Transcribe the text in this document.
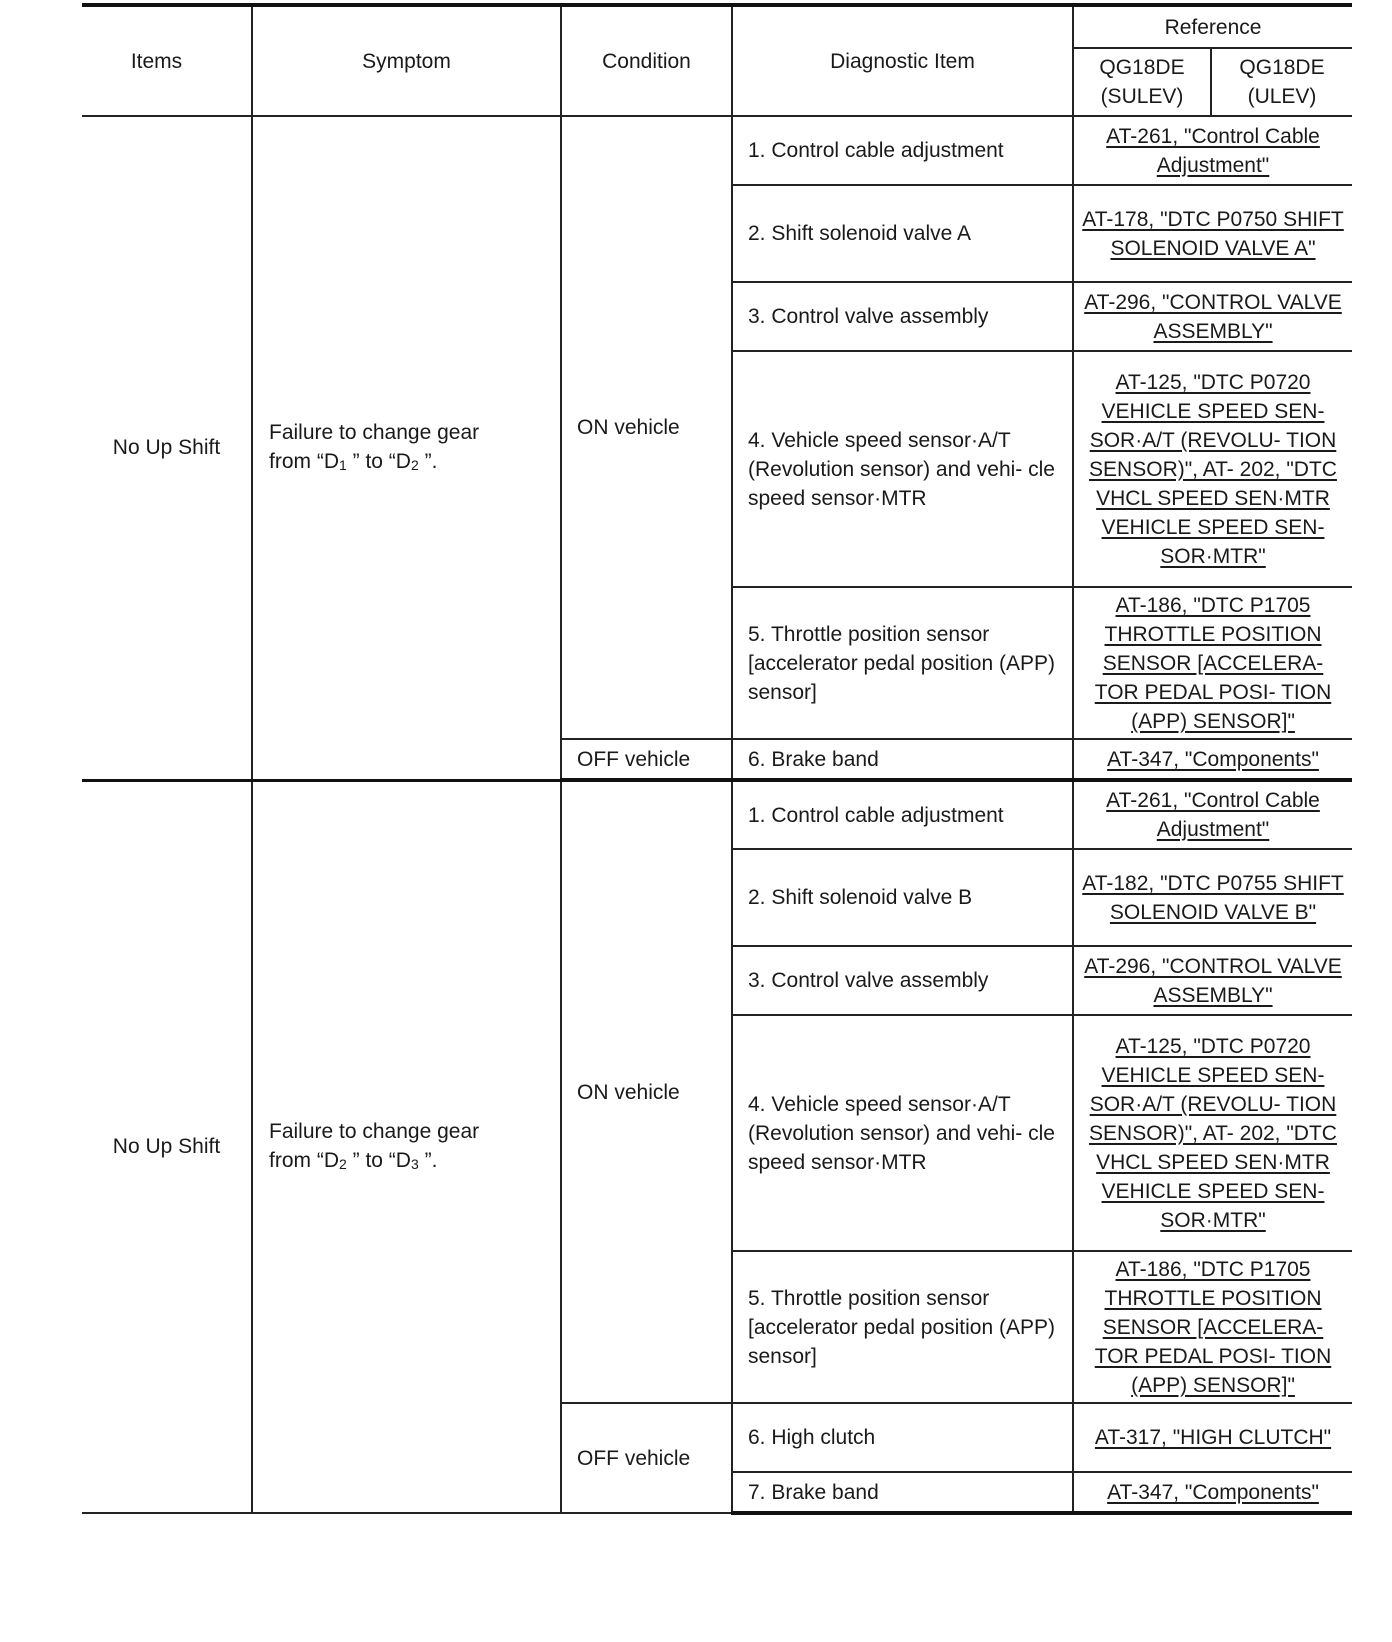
Items	Symptom	Condition	Diagnostic Item	Reference	

				QG18DE
(SULEV)	QG18DE
(ULEV)

No Up Shift	Failure to change gear
from “$D_1$ ” to “$D_2$ ”.	ON vehicle	1. Control cable adjustment	AT-261, "Control Cable Adjustment"	
			2. Shift solenoid valve A	AT-178, "DTC P0750 SHIFT SOLENOID VALVE A"	
			3. Control valve assembly	AT-296, "CONTROL VALVE ASSEMBLY"	
			4. Vehicle speed sensor·A/T (Revolution sensor) and vehi- cle speed sensor·MTR	AT-125, "DTC P0720 VEHICLE SPEED SEN- SOR·A/T (REVOLU- TION SENSOR)", AT- 202, "DTC VHCL SPEED SEN·MTR VEHICLE SPEED SEN- SOR·MTR"	
			5. Throttle position sensor [accelerator pedal position (APP) sensor]	AT-186, "DTC P1705 THROTTLE POSITION SENSOR [ACCELERA- TOR PEDAL POSI- TION (APP) SENSOR]"	
		OFF vehicle	6. Brake band	AT-347, "Components"	
No Up Shift	Failure to change gear
from “$D_2$ ” to “$D_3$ ”.	ON vehicle	1. Control cable adjustment	AT-261, "Control Cable Adjustment"	
			2. Shift solenoid valve B	AT-182, "DTC P0755 SHIFT SOLENOID VALVE B"	
			3. Control valve assembly	AT-296, "CONTROL VALVE ASSEMBLY"	
			4. Vehicle speed sensor·A/T (Revolution sensor) and vehi- cle speed sensor·MTR	AT-125, "DTC P0720 VEHICLE SPEED SEN- SOR·A/T (REVOLU- TION SENSOR)", AT- 202, "DTC VHCL SPEED SEN·MTR VEHICLE SPEED SEN- SOR·MTR"	
			5. Throttle position sensor [accelerator pedal position (APP) sensor]	AT-186, "DTC P1705 THROTTLE POSITION SENSOR [ACCELERA- TOR PEDAL POSI- TION (APP) SENSOR]"	
		OFF vehicle	6. High clutch	AT-317, "HIGH CLUTCH"	
			7. Brake band	AT-347, "Components"	
